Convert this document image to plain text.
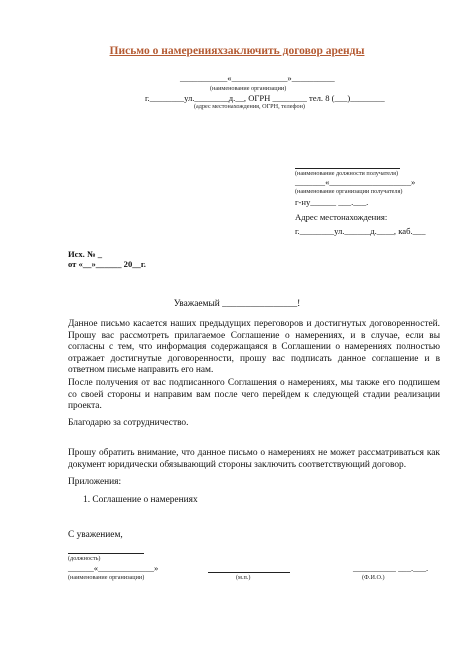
Письмо о намеренияхзаключить договор аренды
___________«_____________»__________
(наименование организации)
г.________ул.________д.__, ОГРН ________ тел. 8 (___)________
(адрес местонахождения, ОГРН, телефон)
(наименование должности получателя)
_______«___________________»
(наименование организации получателя)
г-ну______ ___.___.
Адрес местонахождения:
г.________ул.______д.____, каб.___
Исх. № _
от «__»______ 20__г.
Уважаемый ________________!
Данное письмо касается наших предыдущих переговоров и достигнутых договоренностей. Прошу вас рассмотреть прилагаемое Соглашение о намерениях, и в случае, если вы согласны с тем, что информация содержащаяся в Соглашении о намерениях полностью отражает достигнутые договоренности, прошу вас подписать данное соглашение и в ответном письме направить его нам.
После получения от вас подписанного Соглашения о намерениях, мы также его подпишем со своей стороны и направим вам после чего перейдем к следующей стадии реализации проекта.
Благодарю за сотрудничество.
Прошу обратить внимание, что данное письмо о намерениях не может рассматриваться как документ юридически обязывающий стороны заключить соответствующий договор.
Приложения:
1. Соглашение о намерениях
С уважением,
(должность)
______«_____________»
(наименование организации)	(м.п.)
__________ ___.___.
(Ф.И.О.)
